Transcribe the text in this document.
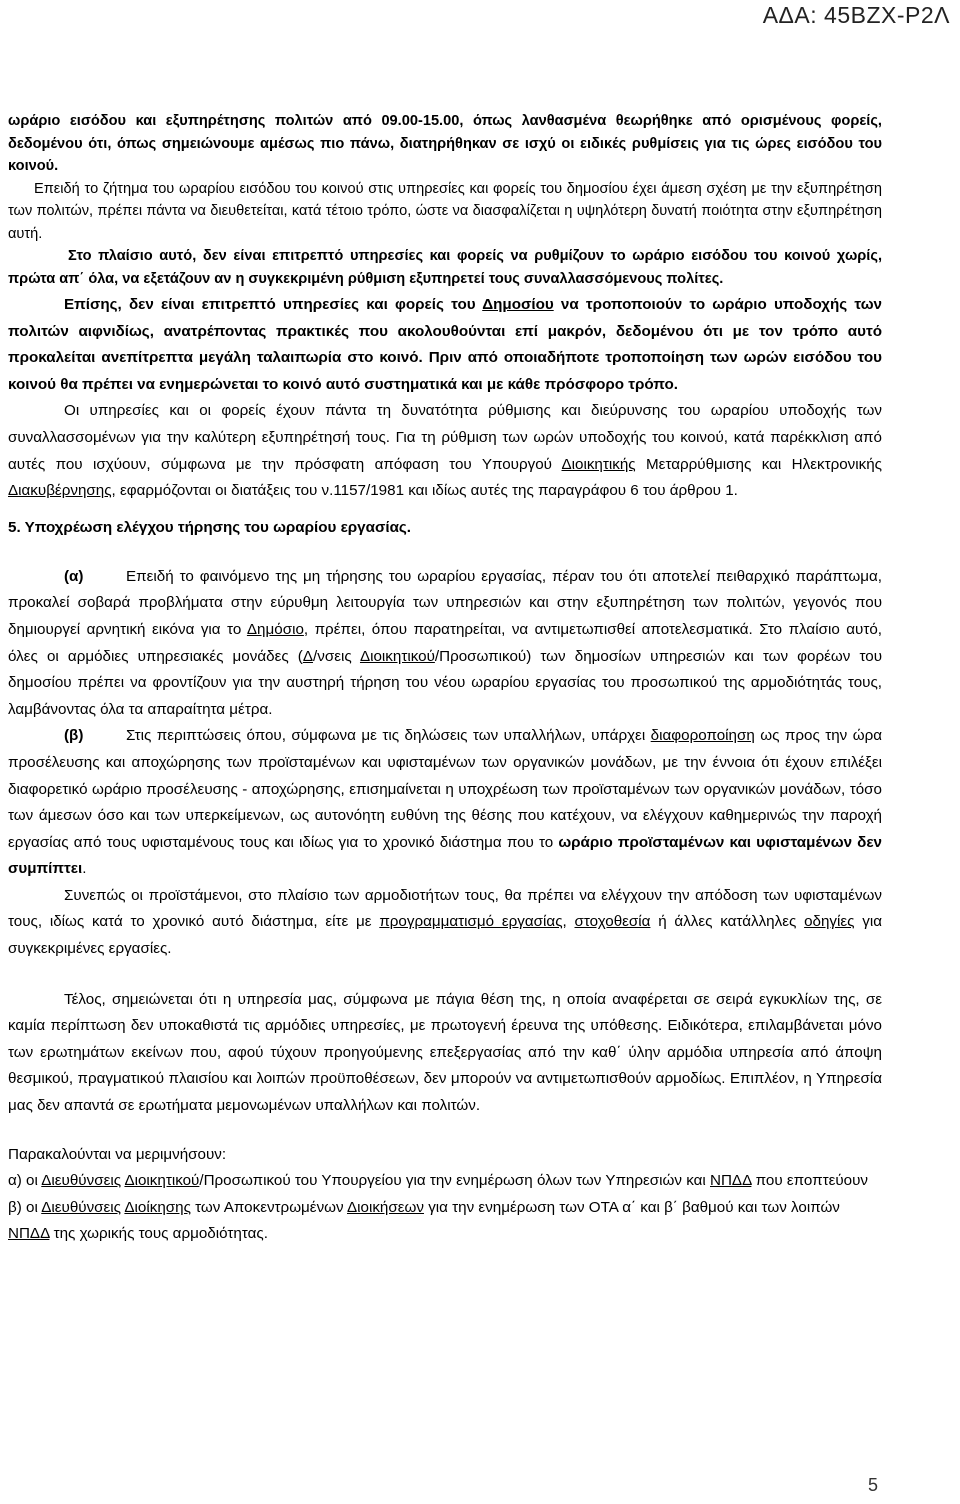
ΑΔΑ: 45ΒΖΧ-Ρ2Λ

ωράριο εισόδου και εξυπηρέτησης πολιτών από 09.00-15.00, όπως λανθασμένα θεωρήθηκε από ορισμένους φορείς, δεδομένου ότι, όπως σημειώνουμε αμέσως πιο πάνω, διατηρήθηκαν σε ισχύ οι ειδικές ρυθμίσεις για τις ώρες εισόδου του κοινού.

Επειδή το ζήτημα του ωραρίου εισόδου του κοινού στις υπηρεσίες και φορείς του δημοσίου έχει άμεση σχέση με την εξυπηρέτηση των πολιτών, πρέπει πάντα να διευθετείται, κατά τέτοιο τρόπο, ώστε να διασφαλίζεται η υψηλότερη δυνατή ποιότητα στην εξυπηρέτηση αυτή.

Στο πλαίσιο αυτό, δεν είναι επιτρεπτό υπηρεσίες και φορείς να ρυθμίζουν το ωράριο εισόδου του κοινού χωρίς, πρώτα απ΄ όλα, να εξετάζουν αν η συγκεκριμένη ρύθμιση εξυπηρετεί τους συναλλασσόμενους πολίτες.

Επίσης, δεν είναι επιτρεπτό υπηρεσίες και φορείς του Δημοσίου να τροποποιούν το ωράριο υποδοχής των πολιτών αιφνιδίως, ανατρέποντας πρακτικές που ακολουθούνται επί μακρόν, δεδομένου ότι με τον τρόπο αυτό προκαλείται ανεπίτρεπτα μεγάλη ταλαιπωρία στο κοινό. Πριν από οποιαδήποτε τροποποίηση των ωρών εισόδου του κοινού θα πρέπει να ενημερώνεται το κοινό αυτό συστηματικά και με κάθε πρόσφορο τρόπο.

Οι υπηρεσίες και οι φορείς έχουν πάντα τη δυνατότητα ρύθμισης και διεύρυνσης του ωραρίου υποδοχής των συναλλασσομένων για την καλύτερη εξυπηρέτησή τους. Για τη ρύθμιση των ωρών υποδοχής του κοινού, κατά παρέκκλιση από αυτές που ισχύουν, σύμφωνα με την πρόσφατη απόφαση του Υπουργού Διοικητικής Μεταρρύθμισης και Ηλεκτρονικής Διακυβέρνησης, εφαρμόζονται οι διατάξεις του ν.1157/1981 και ιδίως αυτές της παραγράφου 6 του άρθρου 1.

5. Υποχρέωση ελέγχου τήρησης του ωραρίου εργασίας.

(α)	Επειδή το φαινόμενο της μη τήρησης του ωραρίου εργασίας, πέραν του ότι αποτελεί πειθαρχικό παράπτωμα, προκαλεί σοβαρά προβλήματα στην εύρυθμη λειτουργία των υπηρεσιών και στην εξυπηρέτηση των πολιτών, γεγονός που δημιουργεί αρνητική εικόνα για το Δημόσιο, πρέπει, όπου παρατηρείται, να αντιμετωπισθεί αποτελεσματικά. Στο πλαίσιο αυτό, όλες οι αρμόδιες υπηρεσιακές μονάδες (Δ/νσεις Διοικητικού/Προσωπικού) των δημοσίων υπηρεσιών και των φορέων του δημοσίου πρέπει να φροντίζουν για την αυστηρή τήρηση του νέου ωραρίου εργασίας του προσωπικού της αρμοδιότητάς τους, λαμβάνοντας όλα τα απαραίτητα μέτρα.

(β)	Στις περιπτώσεις όπου, σύμφωνα με τις δηλώσεις των υπαλλήλων, υπάρχει διαφοροποίηση ως προς την ώρα προσέλευσης και αποχώρησης των προϊσταμένων και υφισταμένων των οργανικών μονάδων, με την έννοια ότι έχουν επιλέξει διαφορετικό ωράριο προσέλευσης - αποχώρησης, επισημαίνεται η υποχρέωση των προϊσταμένων των οργανικών μονάδων, τόσο των άμεσων όσο και των υπερκείμενων, ως αυτονόητη ευθύνη της θέσης που κατέχουν, να ελέγχουν καθημερινώς την παροχή εργασίας από τους υφισταμένους τους και ιδίως για το χρονικό διάστημα που το ωράριο προϊσταμένων και υφισταμένων δεν συμπίπτει.

Συνεπώς οι προϊστάμενοι, στο πλαίσιο των αρμοδιοτήτων τους, θα πρέπει να ελέγχουν την απόδοση των υφισταμένων τους, ιδίως κατά το χρονικό αυτό διάστημα, είτε με προγραμματισμό εργασίας, στοχοθεσία ή άλλες κατάλληλες οδηγίες για συγκεκριμένες εργασίες.

Τέλος, σημειώνεται ότι η υπηρεσία μας, σύμφωνα με πάγια θέση της, η οποία αναφέρεται σε σειρά εγκυκλίων της, σε καμία περίπτωση δεν υποκαθιστά τις αρμόδιες υπηρεσίες, με πρωτογενή έρευνα της υπόθεσης. Ειδικότερα, επιλαμβάνεται μόνο των ερωτημάτων εκείνων που, αφού τύχουν προηγούμενης επεξεργασίας από την καθ΄ ύλην αρμόδια υπηρεσία από άποψη θεσμικού, πραγματικού πλαισίου και λοιπών προϋποθέσεων, δεν μπορούν να αντιμετωπισθούν αρμοδίως. Επιπλέον, η Υπηρεσία μας δεν απαντά σε ερωτήματα μεμονωμένων υπαλλήλων και πολιτών.

Παρακαλούνται να μεριμνήσουν:

α) οι Διευθύνσεις Διοικητικού/Προσωπικού του Υπουργείου για την ενημέρωση όλων των Υπηρεσιών και ΝΠΔΔ που εποπτεύουν

β) οι Διευθύνσεις Διοίκησης των Αποκεντρωμένων Διοικήσεων για την ενημέρωση των ΟΤΑ α΄ και β΄ βαθμού και των λοιπών ΝΠΔΔ της χωρικής τους αρμοδιότητας.

5
